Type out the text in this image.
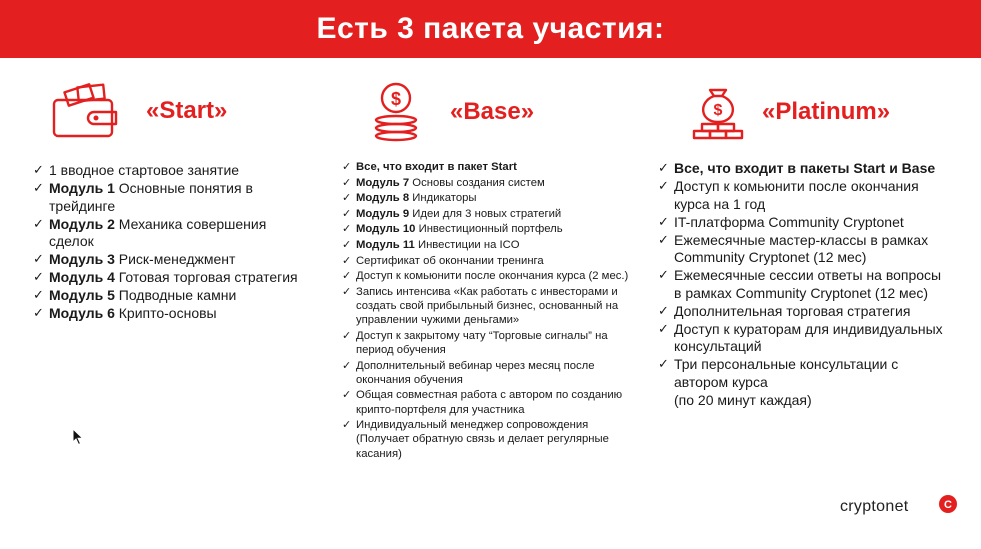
Есть 3 пакета участия:
«Start»	$ «Base»	$ «Platinum»
✓ 1 вводное стартовое занятие
✓ Модуль 1 Основные понятия в трейдинге
✓ Модуль 2 Механика совершения сделок
✓ Модуль 3 Риск-менеджмент
✓ Модуль 4 Готовая торговая стратегия
✓ Модуль 5 Подводные камни
✓ Модуль 6 Крипто-основы
✓ Все, что входит в пакет Start
✓ Модуль 7 Основы создания систем
✓ Модуль 8 Индикаторы
✓ Модуль 9 Идеи для 3 новых стратегий
✓ Модуль 10 Инвестиционный портфель
✓ Модуль 11 Инвестиции на ICO
✓ Сертификат об окончании тренинга
✓ Доступ к комьюнити после окончания курса (2 мес.)
✓ Запись интенсива «Как работать с инвесторами и создать свой прибыльный бизнес, основанный на управлении чужими деньгами»
✓ Доступ к закрытому чату “Торговые сигналы” на период обучения
✓ Дополнительный вебинар через месяц после окончания обучения
✓ Общая совместная работа с автором по созданию крипто-портфеля для участника
✓ Индивидуальный менеджер сопровождения (Получает обратную связь и делает регулярные касания)
✓ Все, что входит в пакеты Start и Base
✓ Доступ к комьюнити после окончания курса на 1 год
✓ IT-платформа Community Cryptonet
✓ Ежемесячные мастер-классы в рамках Community Cryptonet (12 мес)
✓ Ежемесячные сессии ответы на вопросы в рамках Community Cryptonet (12 мес)
✓ Дополнительная торговая стратегия
✓ Доступ к кураторам для индивидуальных консультаций
✓ Три персональные консультации с автором курса
(по 20 минут каждая)
cryptonet	C
